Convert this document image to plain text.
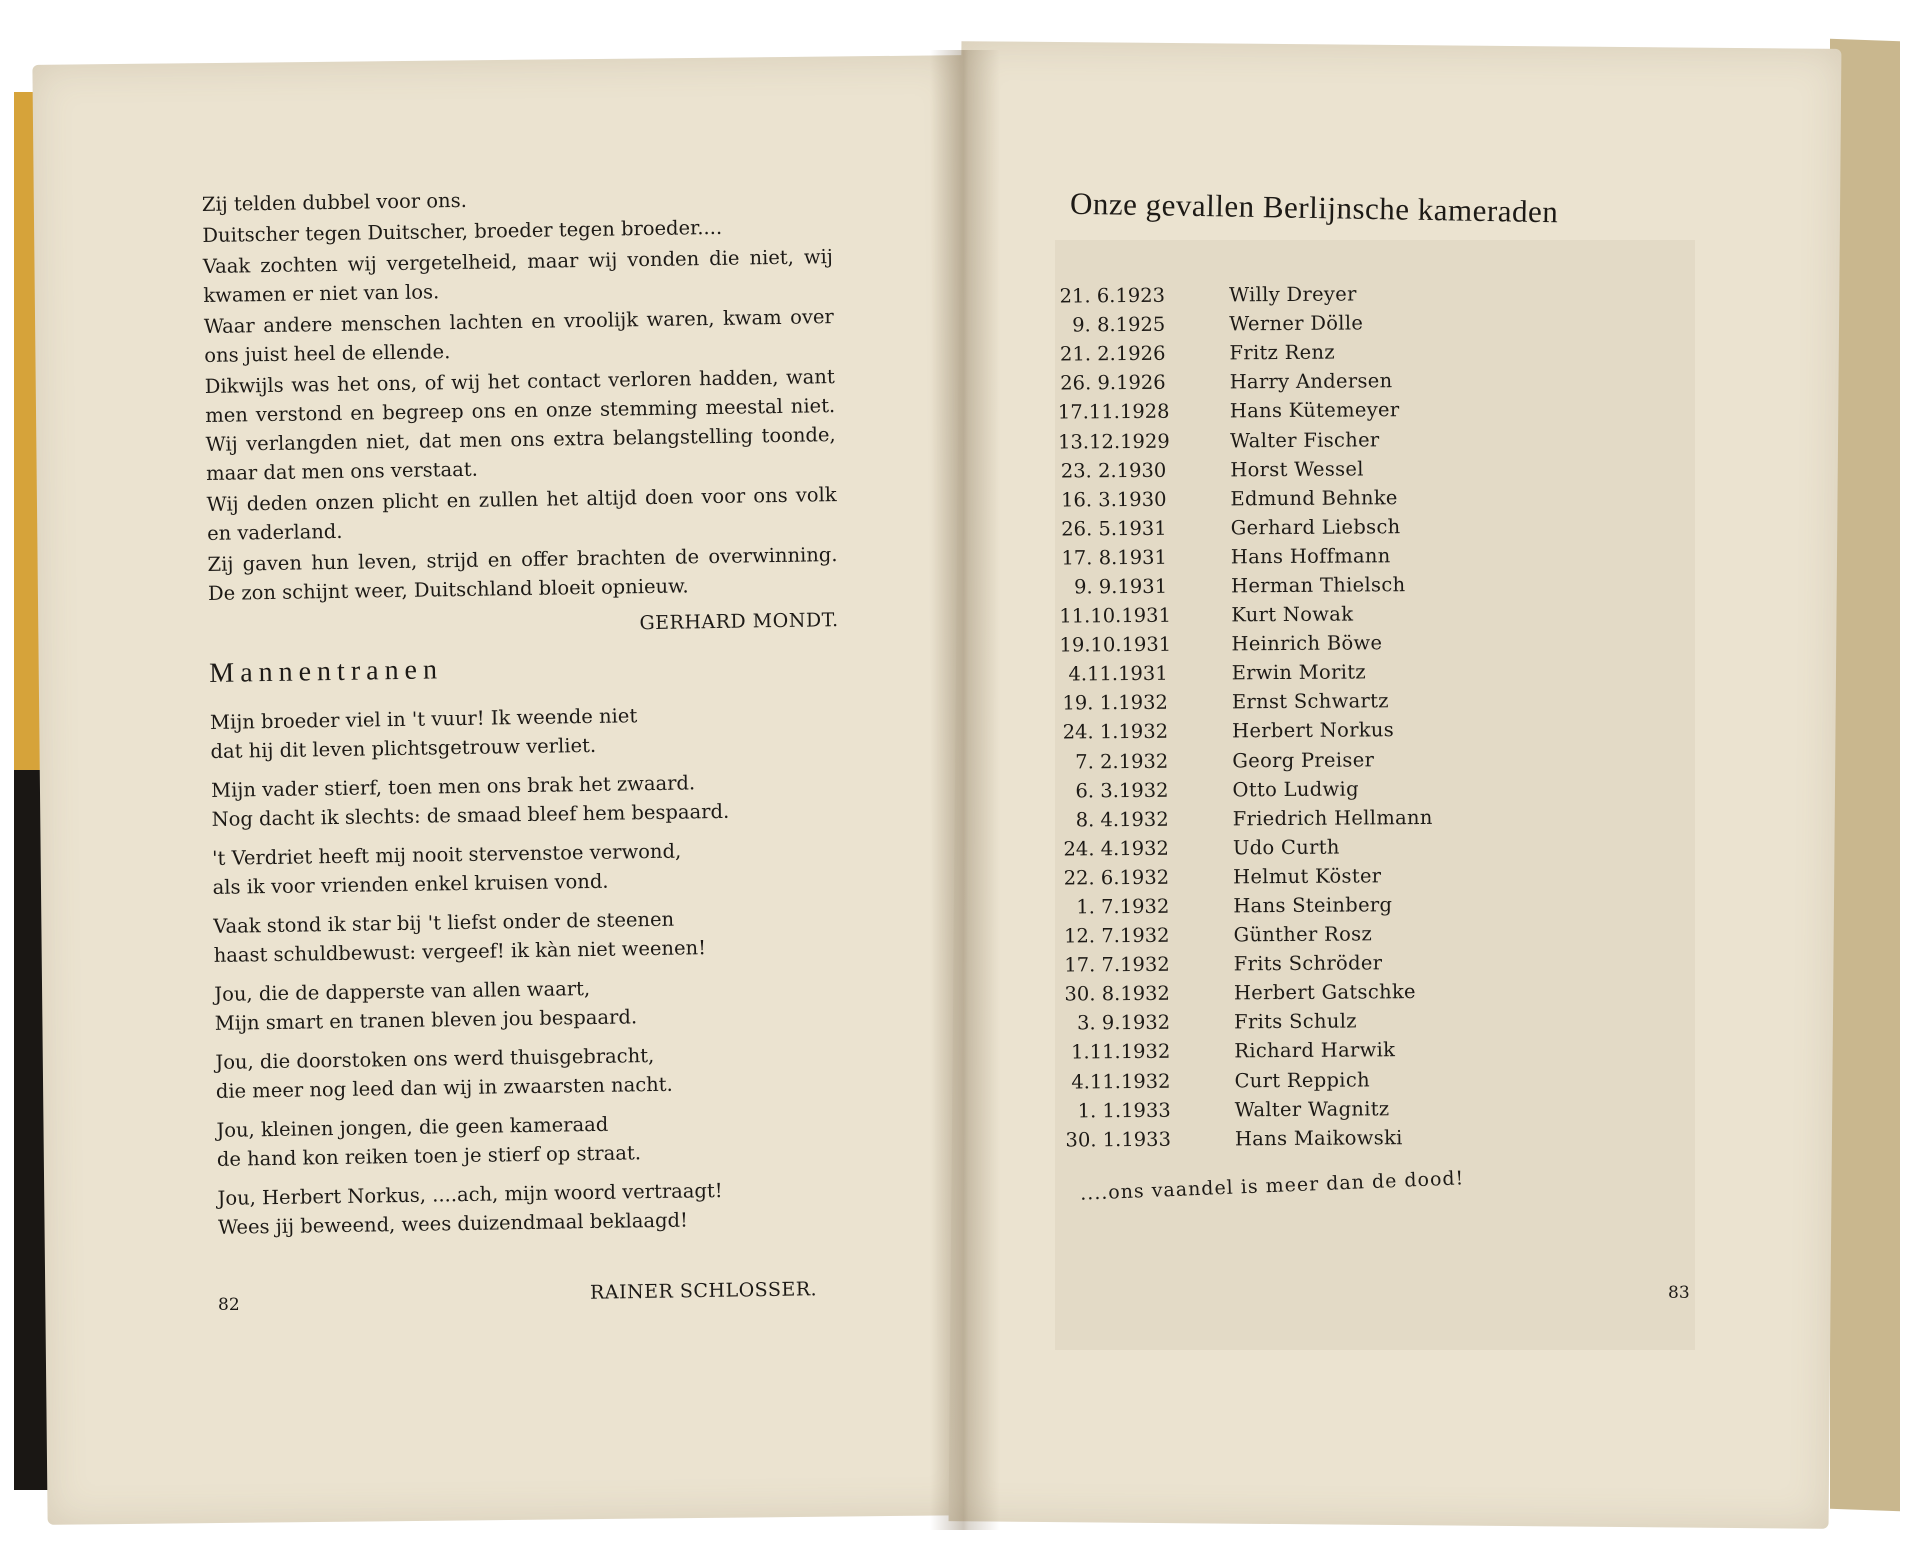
Zij telden dubbel voor ons.

Duitscher tegen Duitscher, broeder tegen broeder....

Vaak zochten wij vergetelheid, maar wij vonden die niet, wij kwamen er niet van los.

Waar andere menschen lachten en vroolijk waren, kwam over ons juist heel de ellende.

Dikwijls was het ons, of wij het contact verloren hadden, want men verstond en begreep ons en onze stemming meestal niet. Wij verlangden niet, dat men ons extra belangstelling toonde, maar dat men ons verstaat.

Wij deden onzen plicht en zullen het altijd doen voor ons volk en vaderland.

Zij gaven hun leven, strijd en offer brachten de overwinning. De zon schijnt weer, Duitschland bloeit opnieuw.

GERHARD MONDT.
Mannentranen
Mijn broeder viel in 't vuur! Ik weende niet
dat hij dit leven plichtsgetrouw verliet.
Mijn vader stierf, toen men ons brak het zwaard.
Nog dacht ik slechts: de smaad bleef hem bespaard.
't Verdriet heeft mij nooit stervenstoe verwond,
als ik voor vrienden enkel kruisen vond.
Vaak stond ik star bij 't liefst onder de steenen
haast schuldbewust: vergeef! ik kàn niet weenen!
Jou, die de dapperste van allen waart,
Mijn smart en tranen bleven jou bespaard.
Jou, die doorstoken ons werd thuisgebracht,
die meer nog leed dan wij in zwaarsten nacht.
Jou, kleinen jongen, die geen kameraad
de hand kon reiken toen je stierf op straat.
Jou, Herbert Norkus, ....ach, mijn woord vertraagt!
Wees jij beweend, wees duizendmaal beklaagd!
82
RAINER SCHLOSSER.
Onze gevallen Berlijnsche kameraden
21. 6.1923	Willy Dreyer
9. 8.1925	Werner Dölle
21. 2.1926	Fritz Renz
26. 9.1926	Harry Andersen
17.11.1928	Hans Kütemeyer
13.12.1929	Walter Fischer
23. 2.1930	Horst Wessel
16. 3.1930	Edmund Behnke
26. 5.1931	Gerhard Liebsch
17. 8.1931	Hans Hoffmann
9. 9.1931	Herman Thielsch
11.10.1931	Kurt Nowak
19.10.1931	Heinrich Böwe
4.11.1931	Erwin Moritz
19. 1.1932	Ernst Schwartz
24. 1.1932	Herbert Norkus
7. 2.1932	Georg Preiser
6. 3.1932	Otto Ludwig
8. 4.1932	Friedrich Hellmann
24. 4.1932	Udo Curth
22. 6.1932	Helmut Köster
1. 7.1932	Hans Steinberg
12. 7.1932	Günther Rosz
17. 7.1932	Frits Schröder
30. 8.1932	Herbert Gatschke
3. 9.1932	Frits Schulz
1.11.1932	Richard Harwik
4.11.1932	Curt Reppich
1. 1.1933	Walter Wagnitz
30. 1.1933	Hans Maikowski
....ons vaandel is meer dan de dood!
83
